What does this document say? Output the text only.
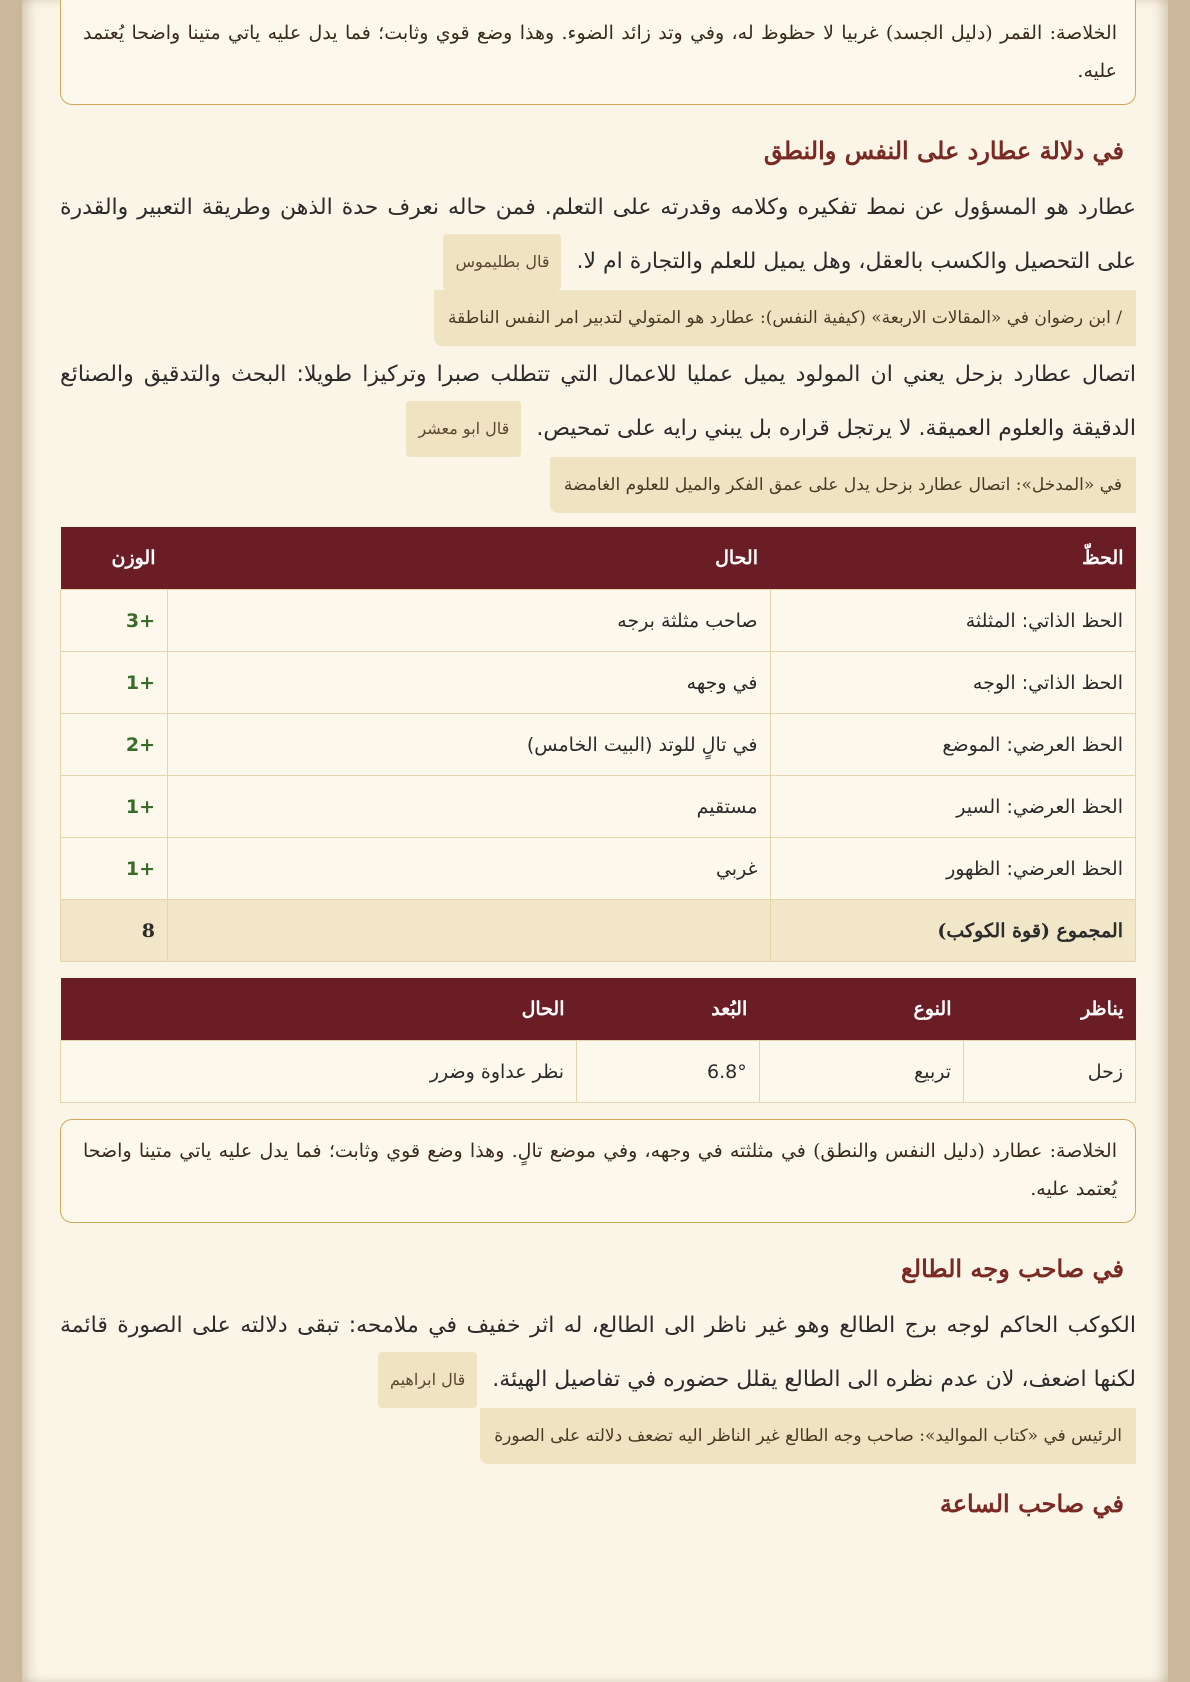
الخلاصة: القمر (دليل الجسد) غربيا لا حظوظ له، وفي وتد زائد الضوء. وهذا وضع قوي وثابت؛ فما يدل عليه ياتي متينا واضحا يُعتمد عليه.
في دلالة عطارد على النفس والنطق
عطارد هو المسؤول عن نمط تفكيره وكلامه وقدرته على التعلم. فمن حاله نعرف حدة الذهن وطريقة التعبير والقدرة على التحصيل والكسب بالعقل، وهل يميل للعلم والتجارة ام لا. قال بطليموس
/ ابن رضوان في «المقالات الاربعة» (كيفية النفس): عطارد هو المتولي لتدبير امر النفس الناطقة
اتصال عطارد بزحل يعني ان المولود يميل عمليا للاعمال التي تتطلب صبرا وتركيزا طويلا: البحث والتدقيق والصنائع الدقيقة والعلوم العميقة. لا يرتجل قراره بل يبني رايه على تمحيص. قال ابو معشر
في «المدخل»: اتصال عطارد بزحل يدل على عمق الفكر والميل للعلوم الغامضة
الحظّ	الحال	الوزن
الحظ الذاتي: المثلثة	صاحب مثلثة برجه	+3
الحظ الذاتي: الوجه	في وجهه	+1
الحظ العرضي: الموضع	في تالٍ للوتد (البيت الخامس)	+2
الحظ العرضي: السير	مستقيم	+1
الحظ العرضي: الظهور	غربي	+1
المجموع (قوة الكوكب)		8
يناظر	النوع	البُعد	الحال
زحل	تربيع	6.8°	نظر عداوة وضرر
الخلاصة: عطارد (دليل النفس والنطق) في مثلثته في وجهه، وفي موضع تالٍ. وهذا وضع قوي وثابت؛ فما يدل عليه ياتي متينا واضحا يُعتمد عليه.
في صاحب وجه الطالع
الكوكب الحاكم لوجه برج الطالع وهو غير ناظر الى الطالع، له اثر خفيف في ملامحه: تبقى دلالته على الصورة قائمة لكنها اضعف، لان عدم نظره الى الطالع يقلل حضوره في تفاصيل الهيئة. قال ابراهيم
الرئيس في «كتاب المواليد»: صاحب وجه الطالع غير الناظر اليه تضعف دلالته على الصورة
في صاحب الساعة
